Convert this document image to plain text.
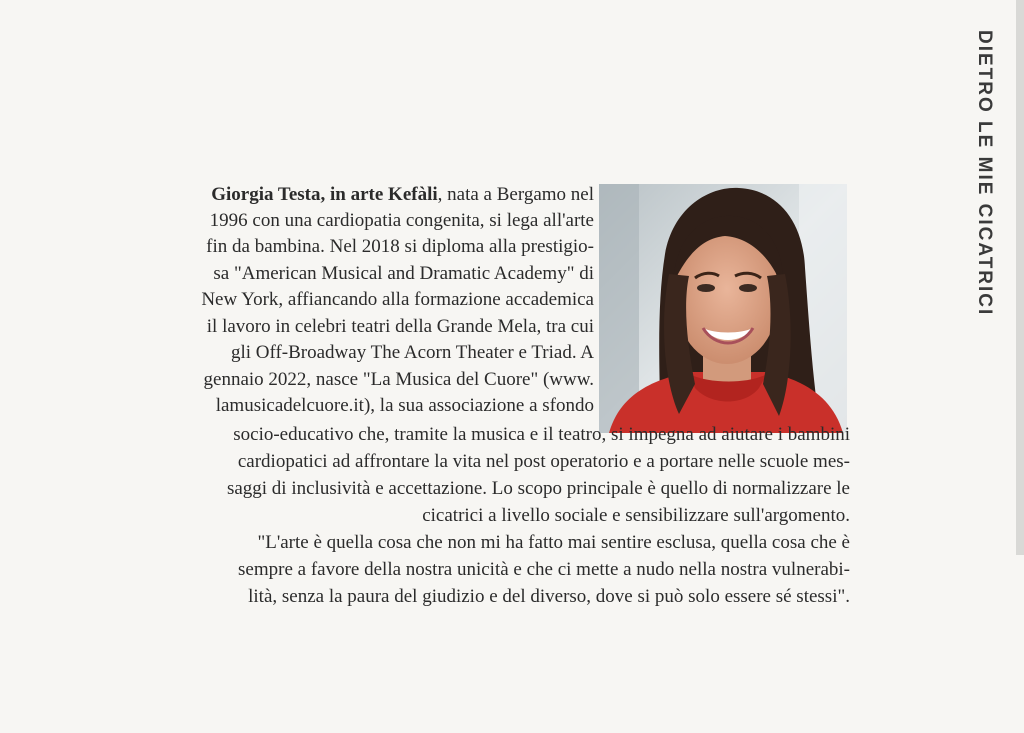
DIETRO LE MIE CICATRICI
Giorgia Testa, in arte Kefàli, nata a Bergamo nel
1996 con una cardiopatia congenita, si lega all'arte
fin da bambina. Nel 2018 si diploma alla prestigio-
sa "American Musical and Dramatic Academy" di
New York, affiancando alla formazione accademica
il lavoro in celebri teatri della Grande Mela, tra cui
gli Off-Broadway The Acorn Theater e Triad. A
gennaio 2022, nasce "La Musica del Cuore" (www.
lamusicadelcuore.it), la sua associazione a sfondo
socio-educativo che, tramite la musica e il teatro, si impegna ad aiutare i bambini
cardiopatici ad affrontare la vita nel post operatorio e a portare nelle scuole mes-
saggi di inclusività e accettazione. Lo scopo principale è quello di normalizzare le
cicatrici a livello sociale e sensibilizzare sull'argomento.
"L'arte è quella cosa che non mi ha fatto mai sentire esclusa, quella cosa che è
sempre a favore della nostra unicità e che ci mette a nudo nella nostra vulnerabi-
lità, senza la paura del giudizio e del diverso, dove si può solo essere sé stessi".
